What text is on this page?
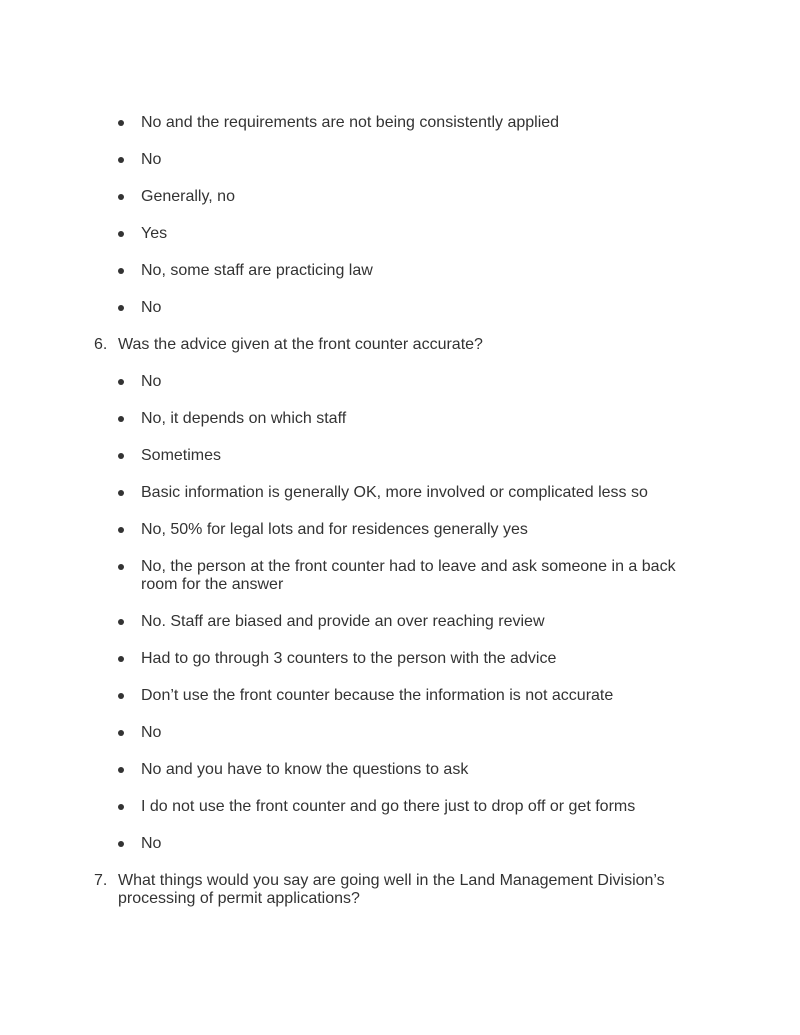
No and the requirements are not being consistently applied
No
Generally, no
Yes
No, some staff are practicing law
No
6. Was the advice given at the front counter accurate?
No
No, it depends on which staff
Sometimes
Basic information is generally OK, more involved or complicated less so
No, 50% for legal lots and for residences generally yes
No, the person at the front counter had to leave and ask someone in a back room for the answer
No. Staff are biased and provide an over reaching review
Had to go through 3 counters to the person with the advice
Don’t use the front counter because the information is not accurate
No
No and you have to know the questions to ask
I do not use the front counter and go there just to drop off or get forms
No
7. What things would you say are going well in the Land Management Division’s processing of permit applications?
